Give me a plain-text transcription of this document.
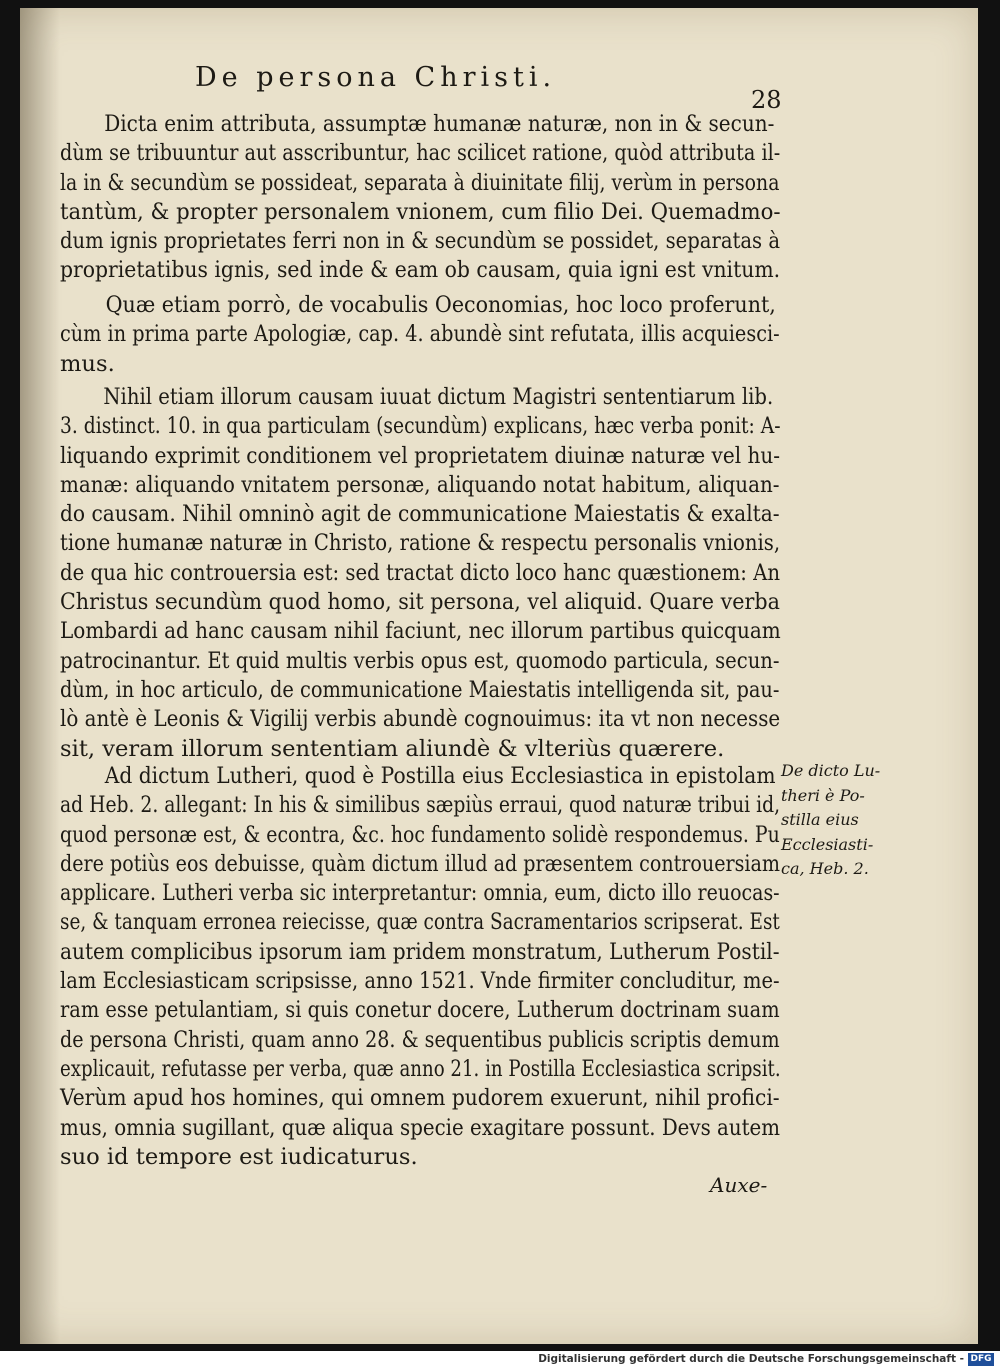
De persona Christi.
28
Dicta enim attributa, assumptæ humanæ naturæ, non in & secun-
dùm se tribuuntur aut asscribuntur, hac scilicet ratione, quòd attributa il-
la in & secundùm se possideat, separata à diuinitate filij, verùm in persona
tantùm, & propter personalem vnionem, cum filio Dei. Quemadmo-
dum ignis proprietates ferri non in & secundùm se possidet, separatas à
proprietatibus ignis, sed inde & eam ob causam, quia igni est vnitum.
Quæ etiam porrò, de vocabulis Oeconomias, hoc loco proferunt,
cùm in prima parte Apologiæ, cap. 4. abundè sint refutata, illis acquiesci-
mus.
Nihil etiam illorum causam iuuat dictum Magistri sententiarum lib.
3. distinct. 10. in qua particulam (secundùm) explicans, hæc verba ponit: A-
liquando exprimit conditionem vel proprietatem diuinæ naturæ vel hu-
manæ: aliquando vnitatem personæ, aliquando notat habitum, aliquan-
do causam. Nihil omninò agit de communicatione Maiestatis & exalta-
tione humanæ naturæ in Christo, ratione & respectu personalis vnionis,
de qua hic controuersia est: sed tractat dicto loco hanc quæstionem: An
Christus secundùm quod homo, sit persona, vel aliquid. Quare verba
Lombardi ad hanc causam nihil faciunt, nec illorum partibus quicquam
patrocinantur. Et quid multis verbis opus est, quomodo particula, secun-
dùm, in hoc articulo, de communicatione Maiestatis intelligenda sit, pau-
lò antè è Leonis & Vigilij verbis abundè cognouimus: ita vt non necesse
sit, veram illorum sententiam aliundè & vlteriùs quærere.
Ad dictum Lutheri, quod è Postilla eius Ecclesiastica in epistolam
ad Heb. 2. allegant: In his & similibus sæpiùs erraui, quod naturæ tribui id,
quod personæ est, & econtra, &c. hoc fundamento solidè respondemus. Pu
dere potiùs eos debuisse, quàm dictum illud ad præsentem controuersiam
applicare. Lutheri verba sic interpretantur: omnia, eum, dicto illo reuocas-
se, & tanquam erronea reiecisse, quæ contra Sacramentarios scripserat. Est
autem complicibus ipsorum iam pridem monstratum, Lutherum Postil-
lam Ecclesiasticam scripsisse, anno 1521. Vnde firmiter concluditur, me-
ram esse petulantiam, si quis conetur docere, Lutherum doctrinam suam
de persona Christi, quam anno 28. & sequentibus publicis scriptis demum
explicauit, refutasse per verba, quæ anno 21. in Postilla Ecclesiastica scripsit.
Verùm apud hos homines, qui omnem pudorem exuerunt, nihil profici-
mus, omnia sugillant, quæ aliqua specie exagitare possunt. Devs autem
suo id tempore est iudicaturus.
De dicto Lu-
theri è Po-
stilla eius
Ecclesiasti-
ca, Heb. 2.
Auxe-
Digitalisierung gefördert durch die Deutsche Forschungsgemeinschaft - DFG
